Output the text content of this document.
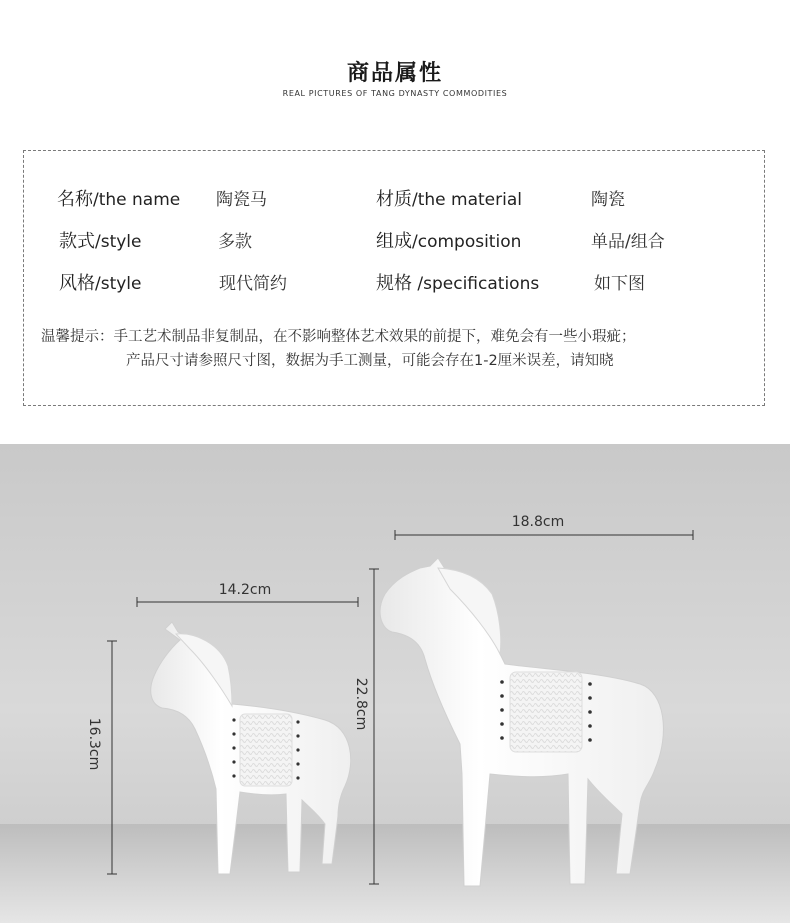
商品属性
REAL PICTURES OF TANG DYNASTY COMMODITIES
名称/the name 陶瓷马	材质/the material	陶瓷
款式/style	多款	组成/composition	单品/组合
风格/style	现代简约	规格 /specifications	如下图
温馨提示：手工艺术制品非复制品，在不影响整体艺术效果的前提下，难免会有一些小瑕疵；
产品尺寸请参照尺寸图，数据为手工测量，可能会存在1-2厘米误差，请知晓
14.2cm
18.8cm
16.3cm
22.8cm
